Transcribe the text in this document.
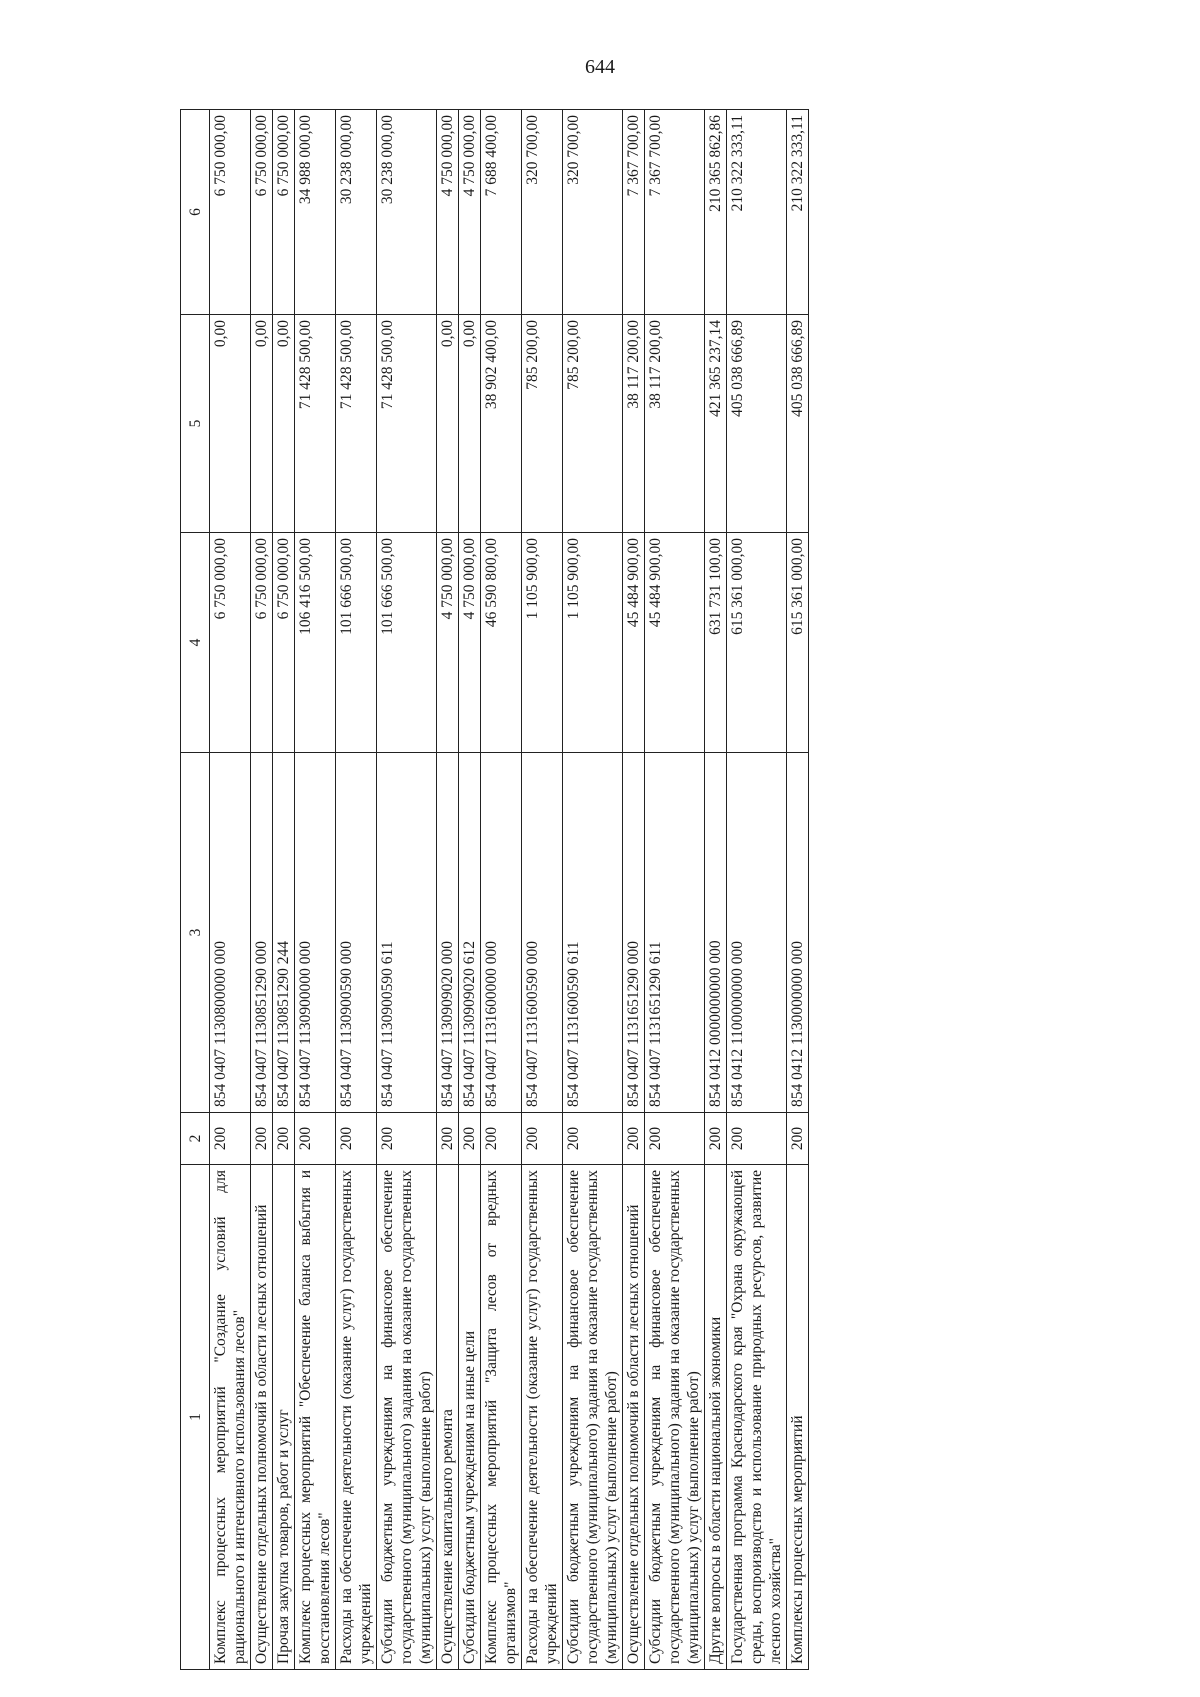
644
1	2	3	4	5	6
Комплекс процессных мероприятий "Создание условий для рационального и интенсивного использования лесов"	200	854 0407 1130800000 000	6 750 000,00	0,00	6 750 000,00
Осуществление отдельных полномочий в области лесных отношений	200	854 0407 1130851290 000	6 750 000,00	0,00	6 750 000,00
Прочая закупка товаров, работ и услуг	200	854 0407 1130851290 244	6 750 000,00	0,00	6 750 000,00
Комплекс процессных мероприятий "Обеспечение баланса выбытия и восстановления лесов"	200	854 0407 1130900000 000	106 416 500,00	71 428 500,00	34 988 000,00
Расходы на обеспечение деятельности (оказание услуг) государственных учреждений	200	854 0407 1130900590 000	101 666 500,00	71 428 500,00	30 238 000,00
Субсидии бюджетным учреждениям на финансовое обеспечение государственного (муниципального) задания на оказание государственных (муниципальных) услуг (выполнение работ)	200	854 0407 1130900590 611	101 666 500,00	71 428 500,00	30 238 000,00
Осуществление капитального ремонта	200	854 0407 1130909020 000	4 750 000,00	0,00	4 750 000,00
Субсидии бюджетным учреждениям на иные цели	200	854 0407 1130909020 612	4 750 000,00	0,00	4 750 000,00
Комплекс процессных мероприятий "Защита лесов от вредных организмов"	200	854 0407 1131600000 000	46 590 800,00	38 902 400,00	7 688 400,00
Расходы на обеспечение деятельности (оказание услуг) государственных учреждений	200	854 0407 1131600590 000	1 105 900,00	785 200,00	320 700,00
Субсидии бюджетным учреждениям на финансовое обеспечение государственного (муниципального) задания на оказание государственных (муниципальных) услуг (выполнение работ)	200	854 0407 1131600590 611	1 105 900,00	785 200,00	320 700,00
Осуществление отдельных полномочий в области лесных отношений	200	854 0407 1131651290 000	45 484 900,00	38 117 200,00	7 367 700,00
Субсидии бюджетным учреждениям на финансовое обеспечение государственного (муниципального) задания на оказание государственных (муниципальных) услуг (выполнение работ)	200	854 0407 1131651290 611	45 484 900,00	38 117 200,00	7 367 700,00
Другие вопросы в области национальной экономики	200	854 0412 0000000000 000	631 731 100,00	421 365 237,14	210 365 862,86
Государственная программа Краснодарского края "Охрана окружающей среды, воспроизводство и использование природных ресурсов, развитие лесного хозяйства"	200	854 0412 1100000000 000	615 361 000,00	405 038 666,89	210 322 333,11
Комплексы процессных мероприятий	200	854 0412 1130000000 000	615 361 000,00	405 038 666,89	210 322 333,11
